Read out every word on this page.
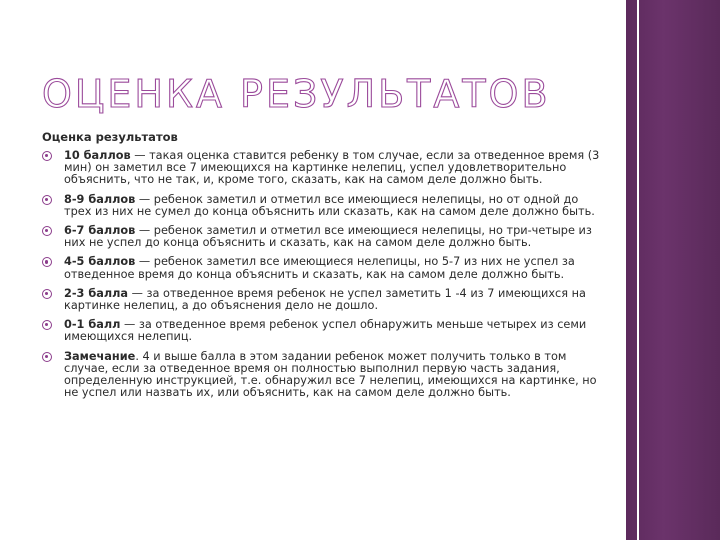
ОЦЕНКА РЕЗУЛЬТАТОВ
Оценка результатов
10 баллов — такая оценка ставится ребенку в том случае, если за отведенное время (3 мин) он заметил все 7 имеющихся на картинке нелепиц, успел удовлетворительно объяснить, что не так, и, кроме того, сказать, как на самом деле должно быть.
8-9 баллов — ребенок заметил и отметил все имеющиеся нелепицы, но от одной до трех из них не сумел до конца объяснить или сказать, как на самом деле должно быть.
6-7 баллов — ребенок заметил и отметил все имеющиеся нелепицы, но три-четыре из них не успел до конца объяснить и сказать, как на самом деле должно быть.
4-5 баллов — ребенок заметил все имеющиеся нелепицы, но 5-7 из них не успел за отведенное время до конца объяснить и сказать, как на самом деле должно быть.
2-3 балла — за отведенное время ребенок не успел заметить 1 -4 из 7 имеющихся на картинке нелепиц, а до объяснения дело не дошло.
0-1 балл — за отведенное время ребенок успел обнаружить меньше четырех из семи имеющихся нелепиц.
Замечание. 4 и выше балла в этом задании ребенок может получить только в том случае, если за отведенное время он полностью выполнил первую часть задания, определенную инструкцией, т.е. обнаружил все 7 нелепиц, имеющихся на картинке, но не успел или назвать их, или объяснить, как на самом деле должно быть.
